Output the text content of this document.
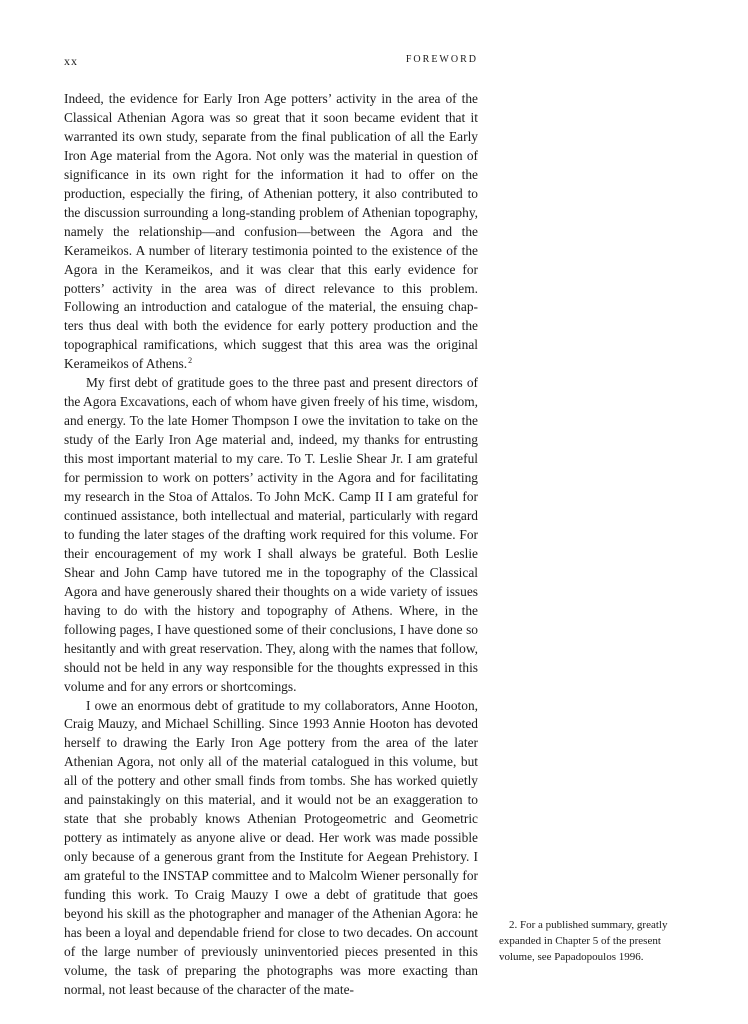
xx	FOREWORD

Indeed, the evidence for Early Iron Age potters’ activity in the area of the Classical Athenian Agora was so great that it soon became evident that it warranted its own study, separate from the final publication of all the Early Iron Age material from the Agora. Not only was the material in question of significance in its own right for the information it had to offer on the production, especially the firing, of Athenian pottery, it also contributed to the discussion surrounding a long-standing problem of Athenian topography, namely the relationship—and confusion—between the Agora and the Kerameikos. A number of literary testimonia pointed to the existence of the Agora in the Kerameikos, and it was clear that this early evidence for potters’ activity in the area was of direct relevance to this problem. Following an introduction and catalogue of the material, the ensuing chapters thus deal with both the evidence for early pottery production and the topographical ramifications, which suggest that this area was the original Kerameikos of Athens.$^2$

My first debt of gratitude goes to the three past and present directors of the Agora Excavations, each of whom have given freely of his time, wisdom, and energy. To the late Homer Thompson I owe the invitation to take on the study of the Early Iron Age material and, indeed, my thanks for entrusting this most important material to my care. To T. Leslie Shear Jr. I am grateful for permission to work on potters’ activity in the Agora and for facilitating my research in the Stoa of Attalos. To John McK. Camp II I am grateful for continued assistance, both intellectual and material, particularly with regard to funding the later stages of the drafting work required for this volume. For their encouragement of my work I shall always be grateful. Both Leslie Shear and John Camp have tutored me in the topography of the Classical Agora and have generously shared their thoughts on a wide variety of issues having to do with the history and topography of Athens. Where, in the following pages, I have questioned some of their conclusions, I have done so hesitantly and with great reservation. They, along with the names that follow, should not be held in any way responsible for the thoughts expressed in this volume and for any errors or shortcomings.

I owe an enormous debt of gratitude to my collaborators, Anne Hooton, Craig Mauzy, and Michael Schilling. Since 1993 Annie Hooton has devoted herself to drawing the Early Iron Age pottery from the area of the later Athenian Agora, not only all of the material catalogued in this volume, but all of the pottery and other small finds from tombs. She has worked quietly and painstakingly on this material, and it would not be an exaggeration to state that she probably knows Athenian Protogeometric and Geometric pottery as intimately as anyone alive or dead. Her work was made possible only because of a generous grant from the Institute for Aegean Prehistory. I am grateful to the INSTAP committee and to Malcolm Wiener personally for funding this work. To Craig Mauzy I owe a debt of gratitude that goes beyond his skill as the photographer and manager of the Athenian Agora: he has been a loyal and dependable friend for close to two decades. On account of the large number of previously uninventoried pieces presented in this volume, the task of preparing the photographs was more exacting than normal, not least because of the character of the mate-

2. For a published summary, greatly expanded in Chapter 5 of the present volume, see Papadopoulos 1996.
